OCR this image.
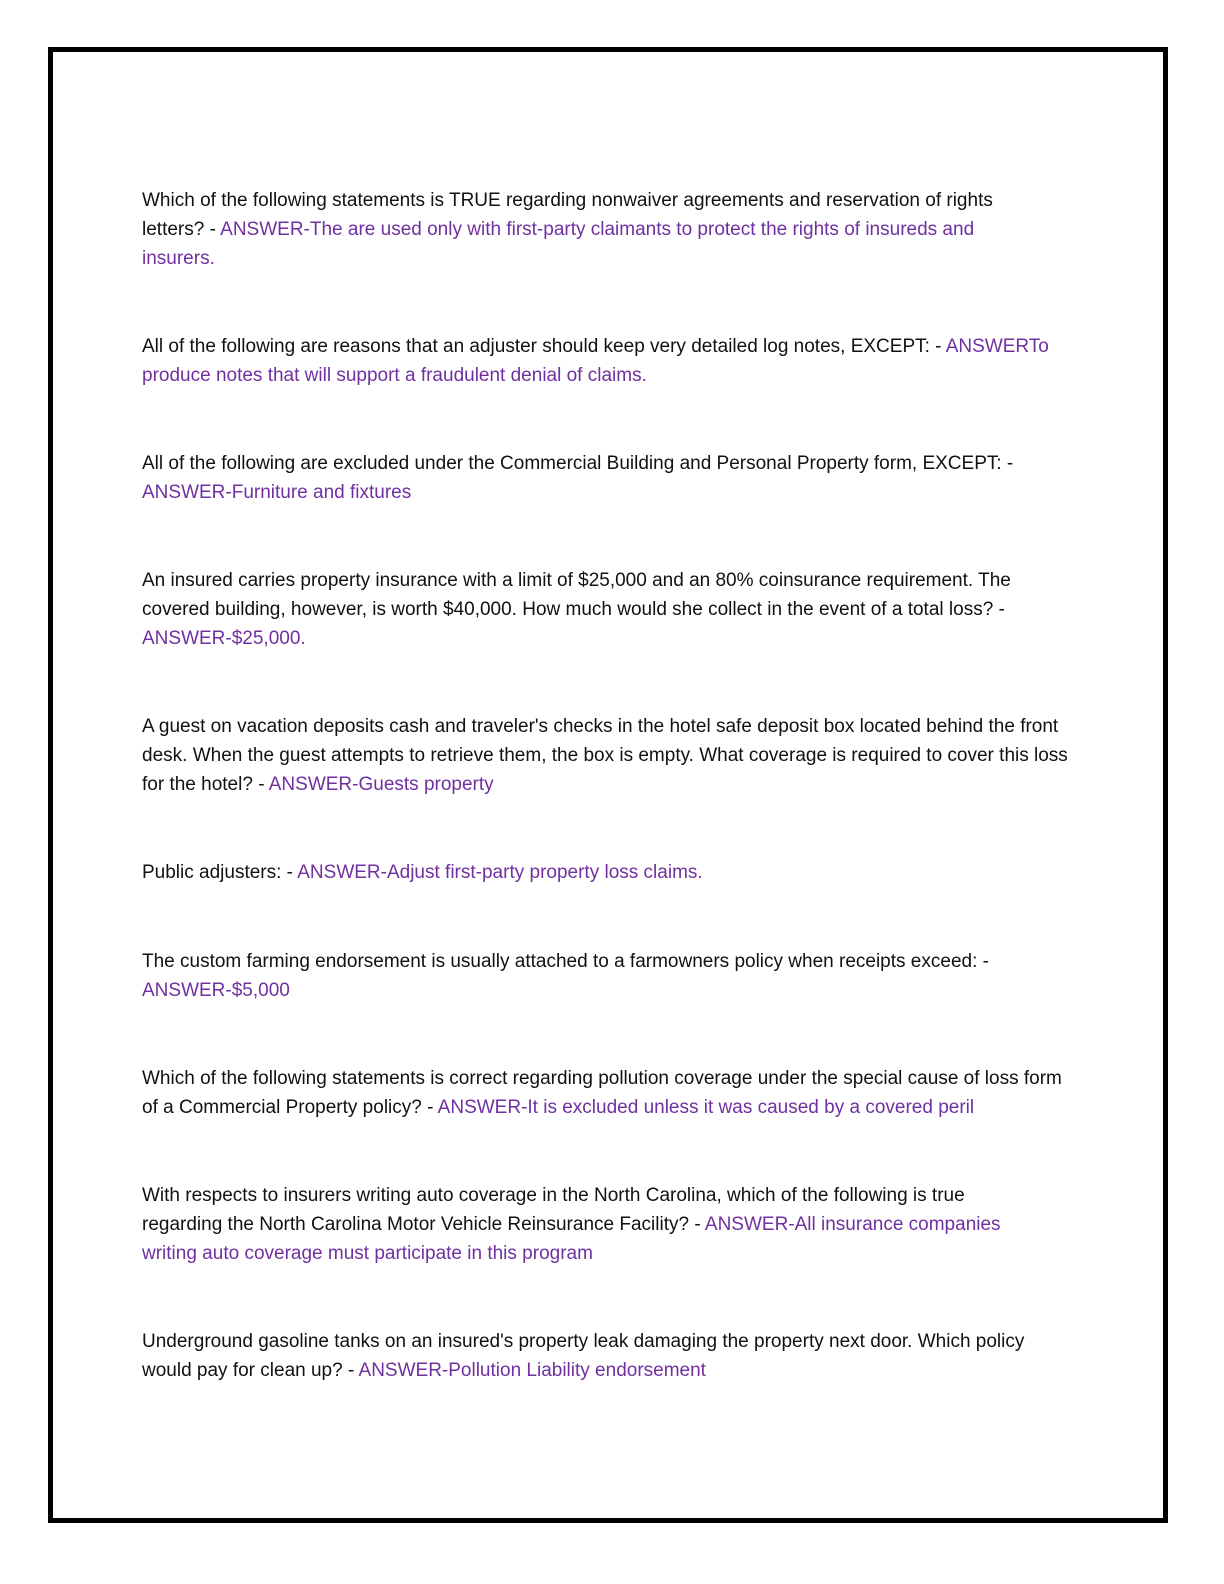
Which of the following statements is TRUE regarding nonwaiver agreements and reservation of rights letters? - ANSWER-The are used only with first-party claimants to protect the rights of insureds and insurers.

All of the following are reasons that an adjuster should keep very detailed log notes, EXCEPT: - ANSWERTo produce notes that will support a fraudulent denial of claims.

All of the following are excluded under the Commercial Building and Personal Property form, EXCEPT: - ANSWER-Furniture and fixtures

An insured carries property insurance with a limit of $25,000 and an 80% coinsurance requirement. The covered building, however, is worth $40,000. How much would she collect in the event of a total loss? - ANSWER-$25,000.

A guest on vacation deposits cash and traveler's checks in the hotel safe deposit box located behind the front desk. When the guest attempts to retrieve them, the box is empty. What coverage is required to cover this loss for the hotel? - ANSWER-Guests property

Public adjusters: - ANSWER-Adjust first-party property loss claims.

The custom farming endorsement is usually attached to a farmowners policy when receipts exceed: - ANSWER-$5,000

Which of the following statements is correct regarding pollution coverage under the special cause of loss form of a Commercial Property policy? - ANSWER-It is excluded unless it was caused by a covered peril

With respects to insurers writing auto coverage in the North Carolina, which of the following is true regarding the North Carolina Motor Vehicle Reinsurance Facility? - ANSWER-All insurance companies writing auto coverage must participate in this program

Underground gasoline tanks on an insured's property leak damaging the property next door. Which policy would pay for clean up? - ANSWER-Pollution Liability endorsement
